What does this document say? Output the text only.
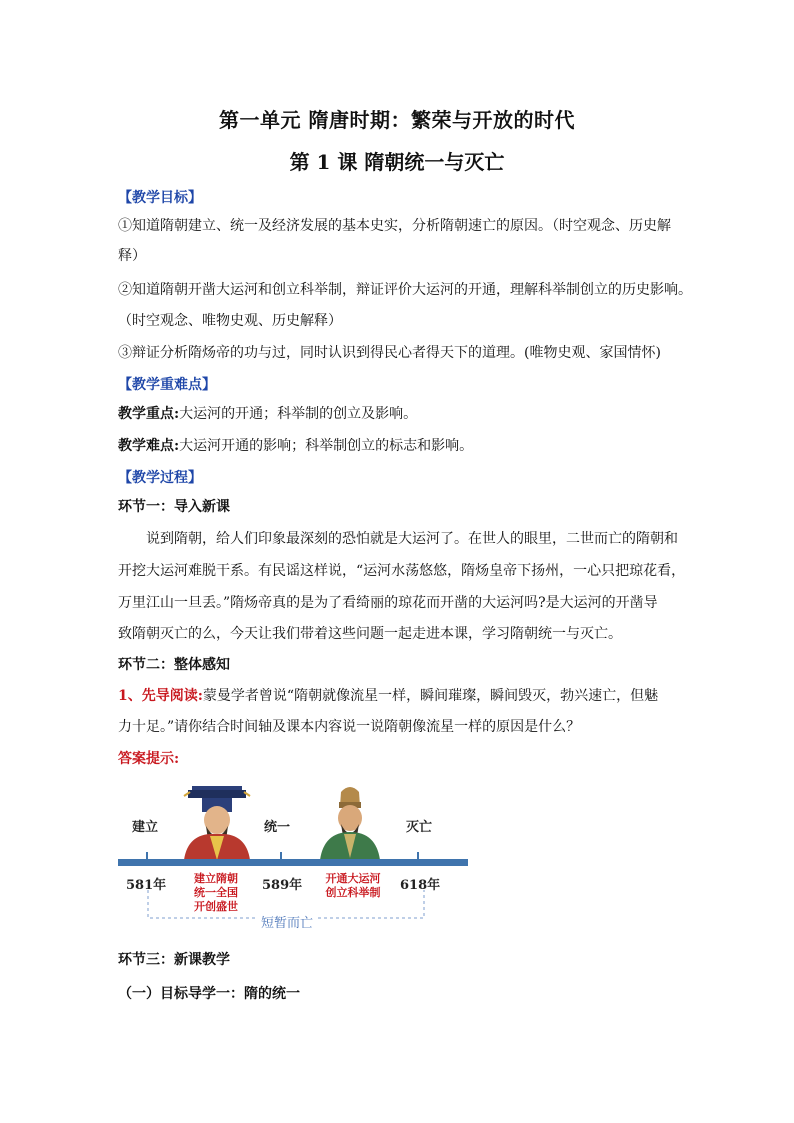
第一单元 隋唐时期：繁荣与开放的时代
第 1 课 隋朝统一与灭亡
【教学目标】
①知道隋朝建立、统一及经济发展的基本史实，分析隋朝速亡的原因。（时空观念、历史解
释）
②知道隋朝开凿大运河和创立科举制，辩证评价大运河的开通，理解科举制创立的历史影响。
（时空观念、唯物史观、历史解释）
③辩证分析隋炀帝的功与过，同时认识到得民心者得天下的道理。(唯物史观、家国情怀)
【教学重难点】
教学重点:大运河的开通；科举制的创立及影响。
教学难点:大运河开通的影响；科举制创立的标志和影响。
【教学过程】
环节一：导入新课
说到隋朝，给人们印象最深刻的恐怕就是大运河了。在世人的眼里，二世而亡的隋朝和
开挖大运河难脱干系。有民谣这样说，“运河水荡悠悠，隋炀皇帝下扬州，一心只把琼花看，
万里江山一旦丢。”隋炀帝真的是为了看绮丽的琼花而开凿的大运河吗?是大运河的开凿导
致隋朝灭亡的么，今天让我们带着这些问题一起走进本课，学习隋朝统一与灭亡。
环节二：整体感知
1、先导阅读:蒙曼学者曾说“隋朝就像流星一样，瞬间璀璨，瞬间毁灭，勃兴速亡，但魅
力十足。”请你结合时间轴及课本内容说一说隋朝像流星一样的原因是什么？
答案提示:
建立	统一	灭亡
581年	589年	618年
建立隋朝
统一全国
开创盛世
开通大运河
创立科举制
短暂而亡
环节三：新课教学
（一）目标导学一：隋的统一
